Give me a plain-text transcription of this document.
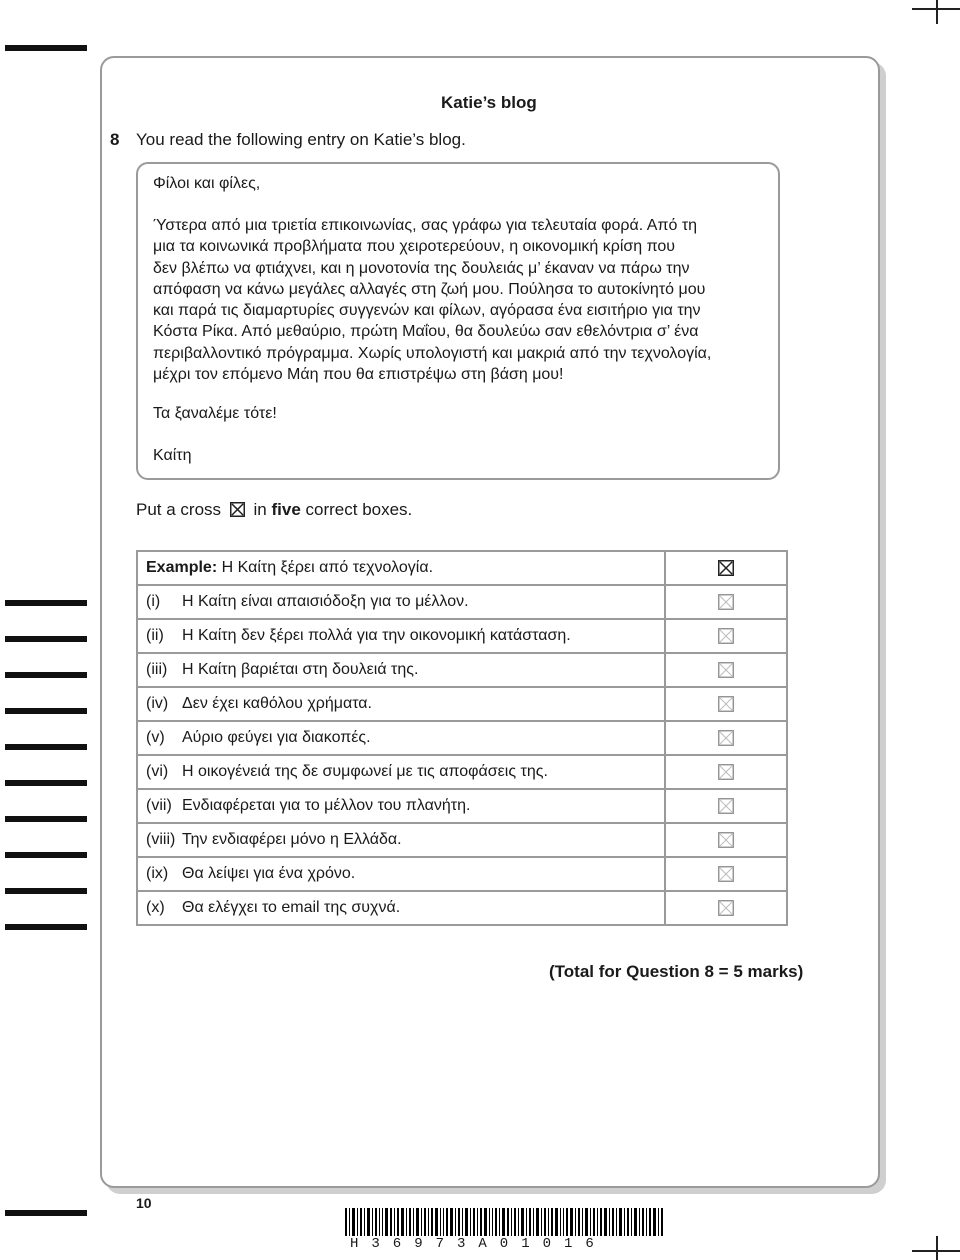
Katie’s blog
8 You read the following entry on Katie’s blog.
Φίλοι και φίλες,
Ύστερα από μια τριετία επικοινωνίας, σας γράφω για τελευταία φορά. Από τη
μια τα κοινωνικά προβλήματα που χειροτερεύουν, η οικονομική κρίση που
δεν βλέπω να φτιάχνει, και η μονοτονία της δουλειάς μ’ έκαναν να πάρω την
απόφαση να κάνω μεγάλες αλλαγές στη ζωή μου. Πούλησα το αυτοκίνητό μου
και παρά τις διαμαρτυρίες συγγενών και φίλων, αγόρασα ένα εισιτήριο για την
Κόστα Ρίκα. Από μεθαύριο, πρώτη Μαΐου, θα δουλεύω σαν εθελόντρια σ’ ένα
περιβαλλοντικό πρόγραμμα. Χωρίς υπολογιστή και μακριά από την τεχνολογία,
μέχρι τον επόμενο Μάη που θα επιστρέψω στη βάση μου!
Τα ξαναλέμε τότε!
Καίτη
Put a cross ☒ in five correct boxes.
Example: Η Καίτη ξέρει από τεχνολογία.	

(i) Η Καίτη είναι απαισιόδοξη για το μέλλον.	

(ii) Η Καίτη δεν ξέρει πολλά για την οικονομική κατάσταση.	

(iii) Η Καίτη βαριέται στη δουλειά της.	

(iv) Δεν έχει καθόλου χρήματα.	

(v) Αύριο φεύγει για διακοπές.	

(vi) Η οικογένειά της δε συμφωνεί με τις αποφάσεις της.	

(vii) Ενδιαφέρεται για το μέλλον του πλανήτη.	

(viii) Την ενδιαφέρει μόνο η Ελλάδα.	

(ix) Θα λείψει για ένα χρόνο.	

(x) Θα ελέγχει το email της συχνά.	
(Total for Question 8 = 5 marks)
10
H36973A01016
